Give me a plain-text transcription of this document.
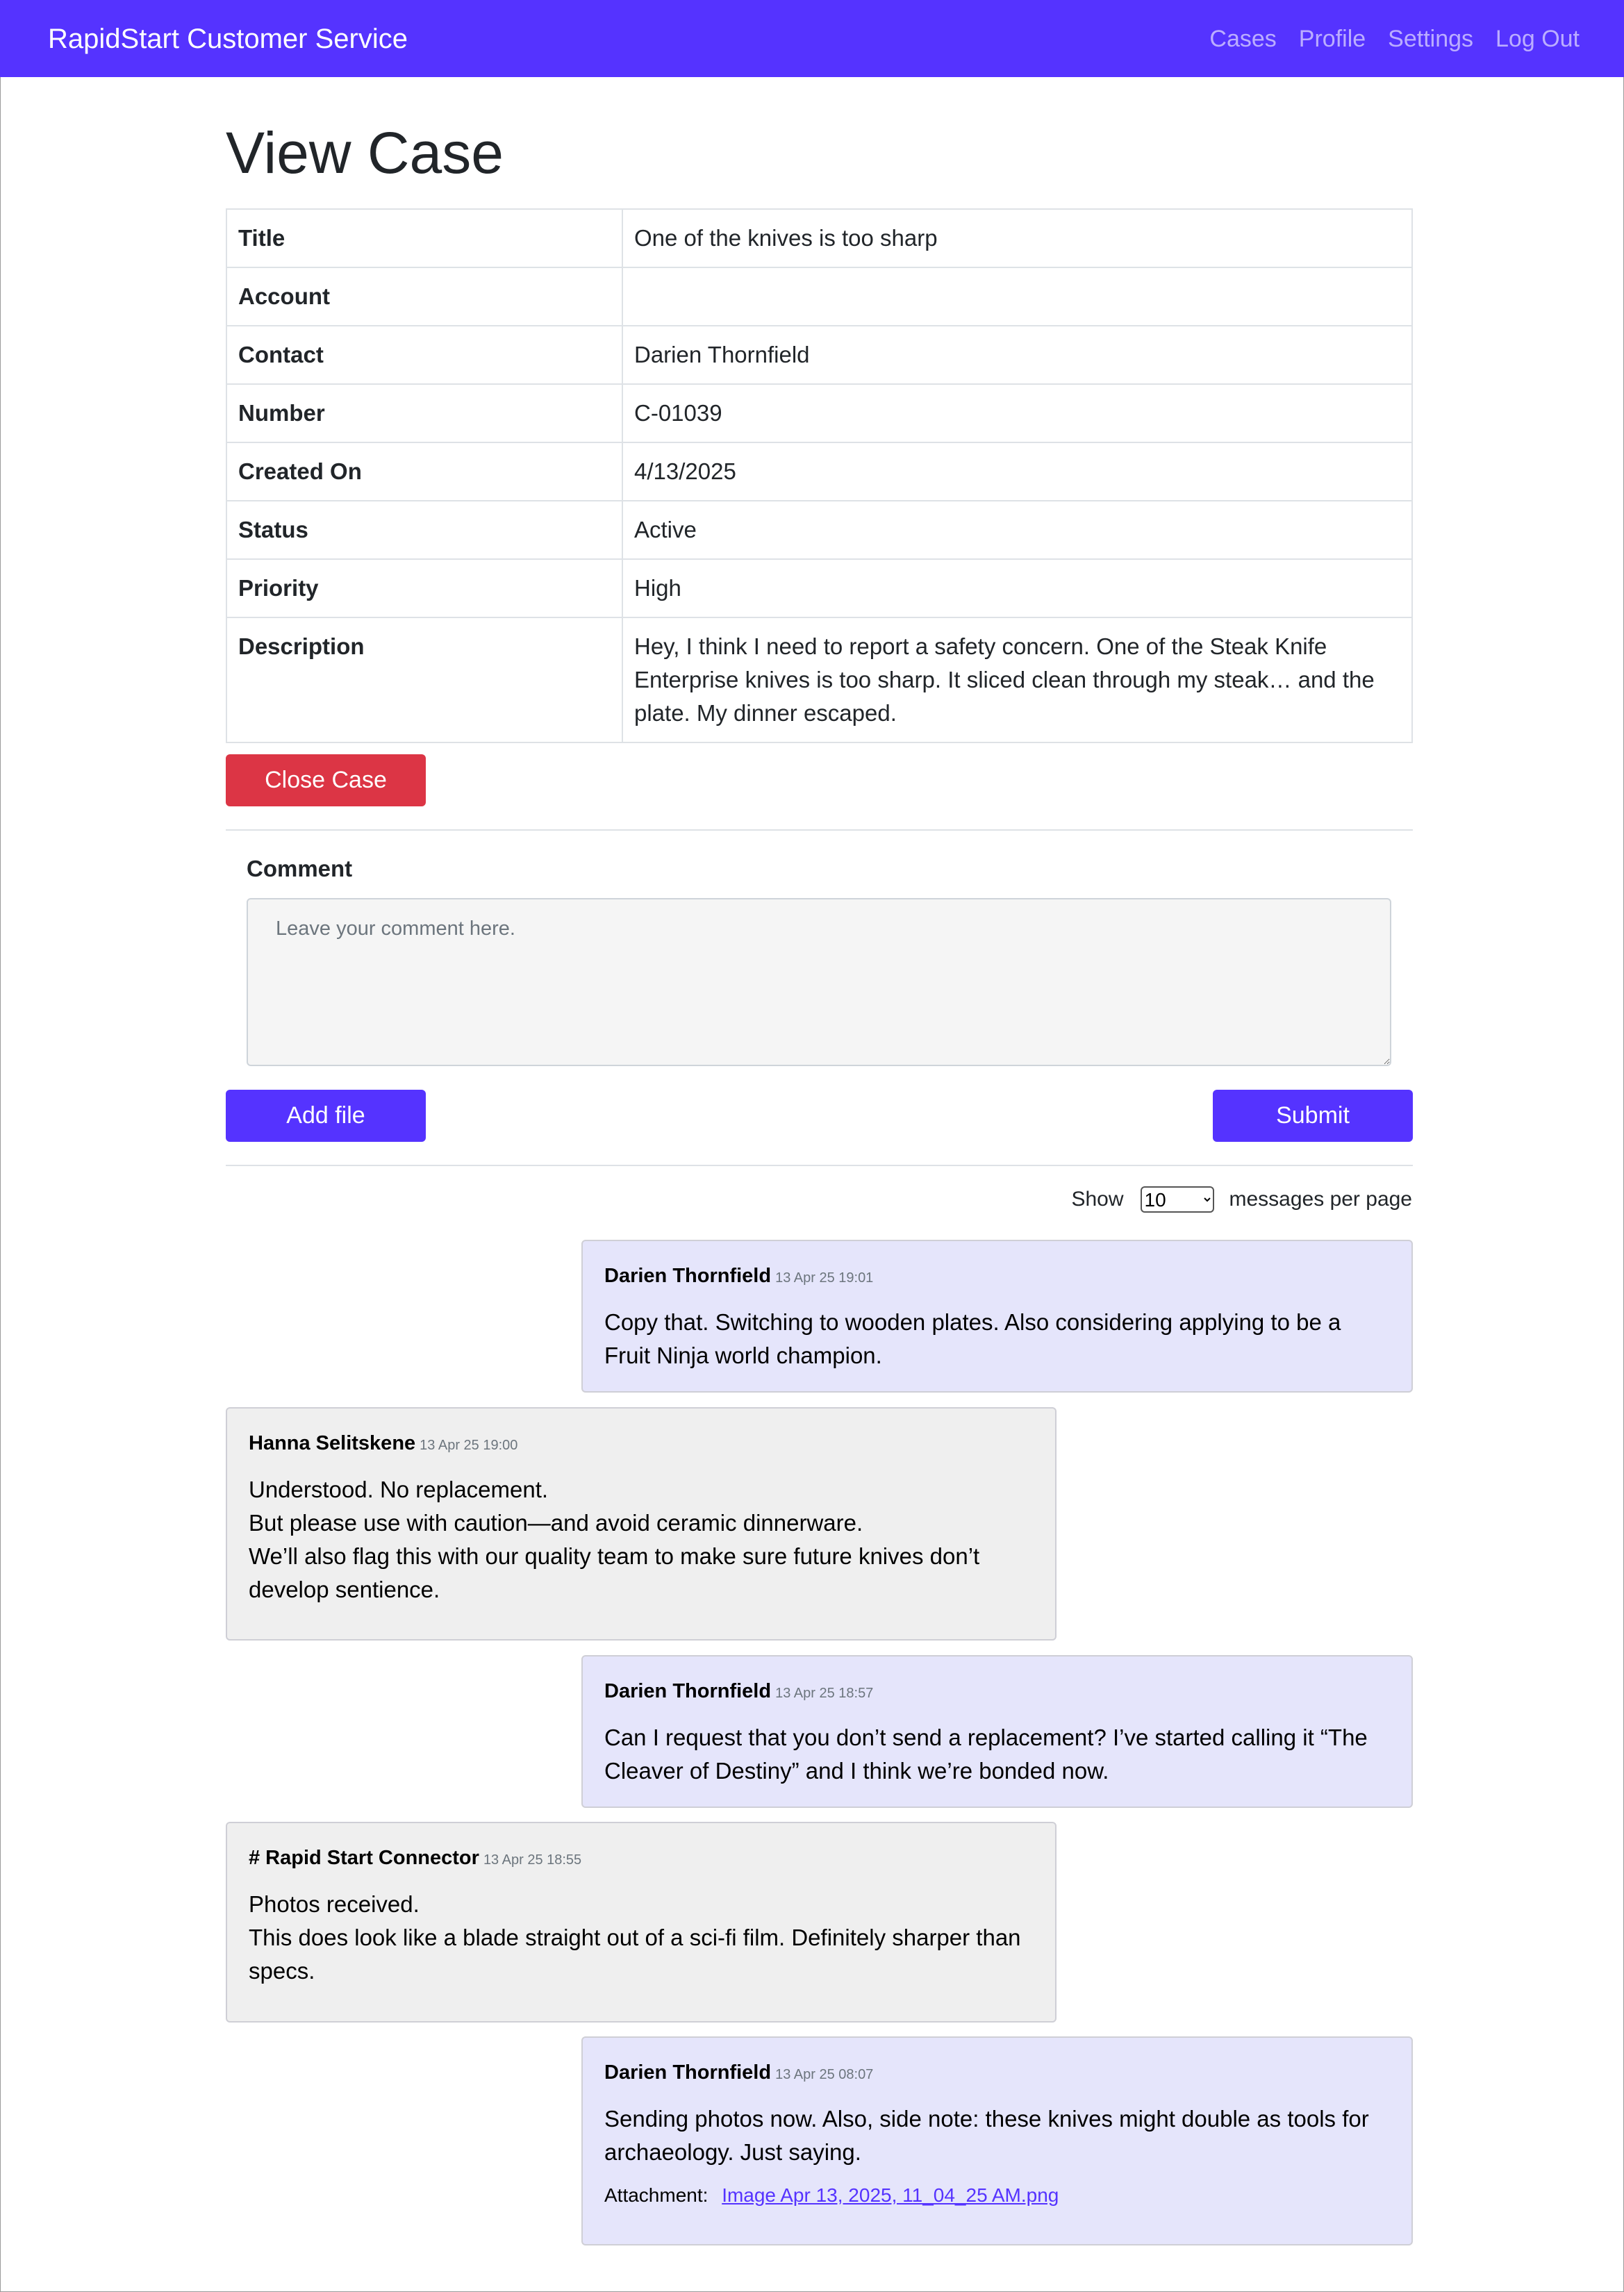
RapidStart Customer Service	Cases Profile Settings Log Out
View Case
Title	One of the knives is too sharp
Account	
Contact	Darien Thornfield
Number	C-01039
Created On	4/13/2025
Status	Active
Priority	High
Description	Hey, I think I need to report a safety concern. One of the Steak Knife Enterprise knives is too sharp. It sliced clean through my steak… and the plate. My dinner escaped.
Close Case
Comment
Leave your comment here.
Add file	Submit
Show
10	messages per page
Darien Thornfield 13 Apr 25 19:01
Copy that. Switching to wooden plates. Also considering applying to be a Fruit Ninja world champion.
Hanna Selitskene 13 Apr 25 19:00
Understood. No replacement.
But please use with caution—and avoid ceramic dinnerware.
We’ll also flag this with our quality team to make sure future knives don’t develop sentience.
Darien Thornfield 13 Apr 25 18:57
Can I request that you don’t send a replacement? I’ve started calling it “The Cleaver of Destiny” and I think we’re bonded now.
# Rapid Start Connector 13 Apr 25 18:55
Photos received.
This does look like a blade straight out of a sci-fi film. Definitely sharper than specs.
Darien Thornfield 13 Apr 25 08:07
Sending photos now. Also, side note: these knives might double as tools for archaeology. Just saying.
Attachment: Image Apr 13, 2025, 11_04_25 AM.png
